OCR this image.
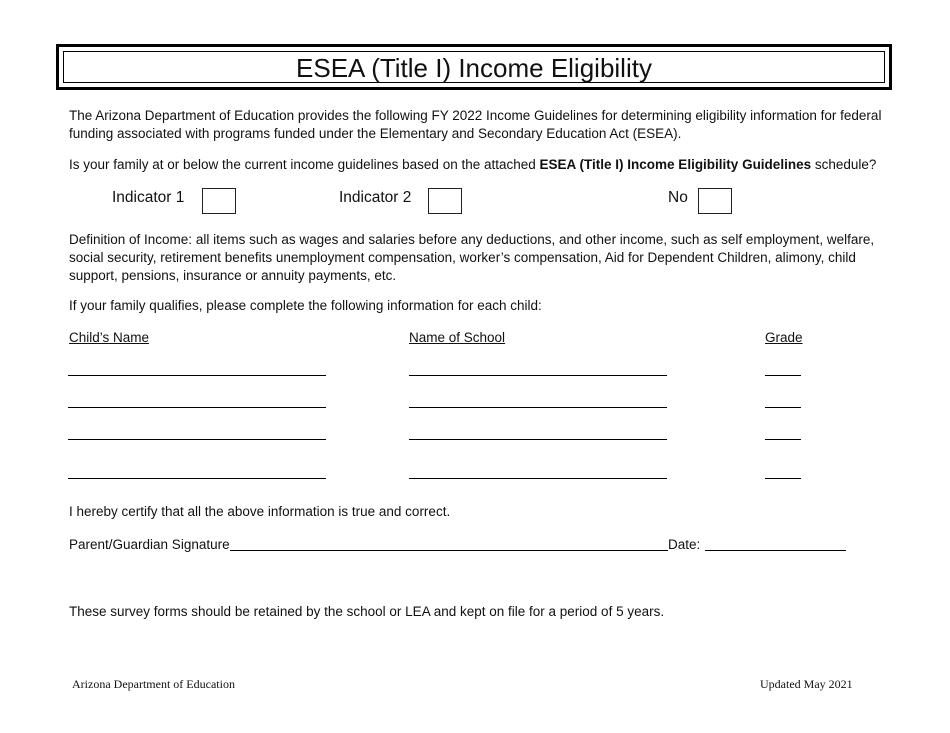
ESEA (Title I) Income Eligibility
The Arizona Department of Education provides the following FY 2022 Income Guidelines for determining eligibility information for federal funding associated with programs funded under the Elementary and Secondary Education Act (ESEA).
Is your family at or below the current income guidelines based on the attached ESEA (Title I) Income Eligibility Guidelines schedule?
Indicator 1	Indicator 2	No
Definition of Income: all items such as wages and salaries before any deductions, and other income, such as self employment, welfare, social security, retirement benefits unemployment compensation, worker’s compensation, Aid for Dependent Children, alimony, child support, pensions, insurance or annuity payments, etc.
If your family qualifies, please complete the following information for each child:
Child’s Name	Name of School	Grade
I hereby certify that all the above information is true and correct.
Parent/Guardian Signature	Date:
These survey forms should be retained by the school or LEA and kept on file for a period of 5 years.
Arizona Department of Education	Updated May 2021
